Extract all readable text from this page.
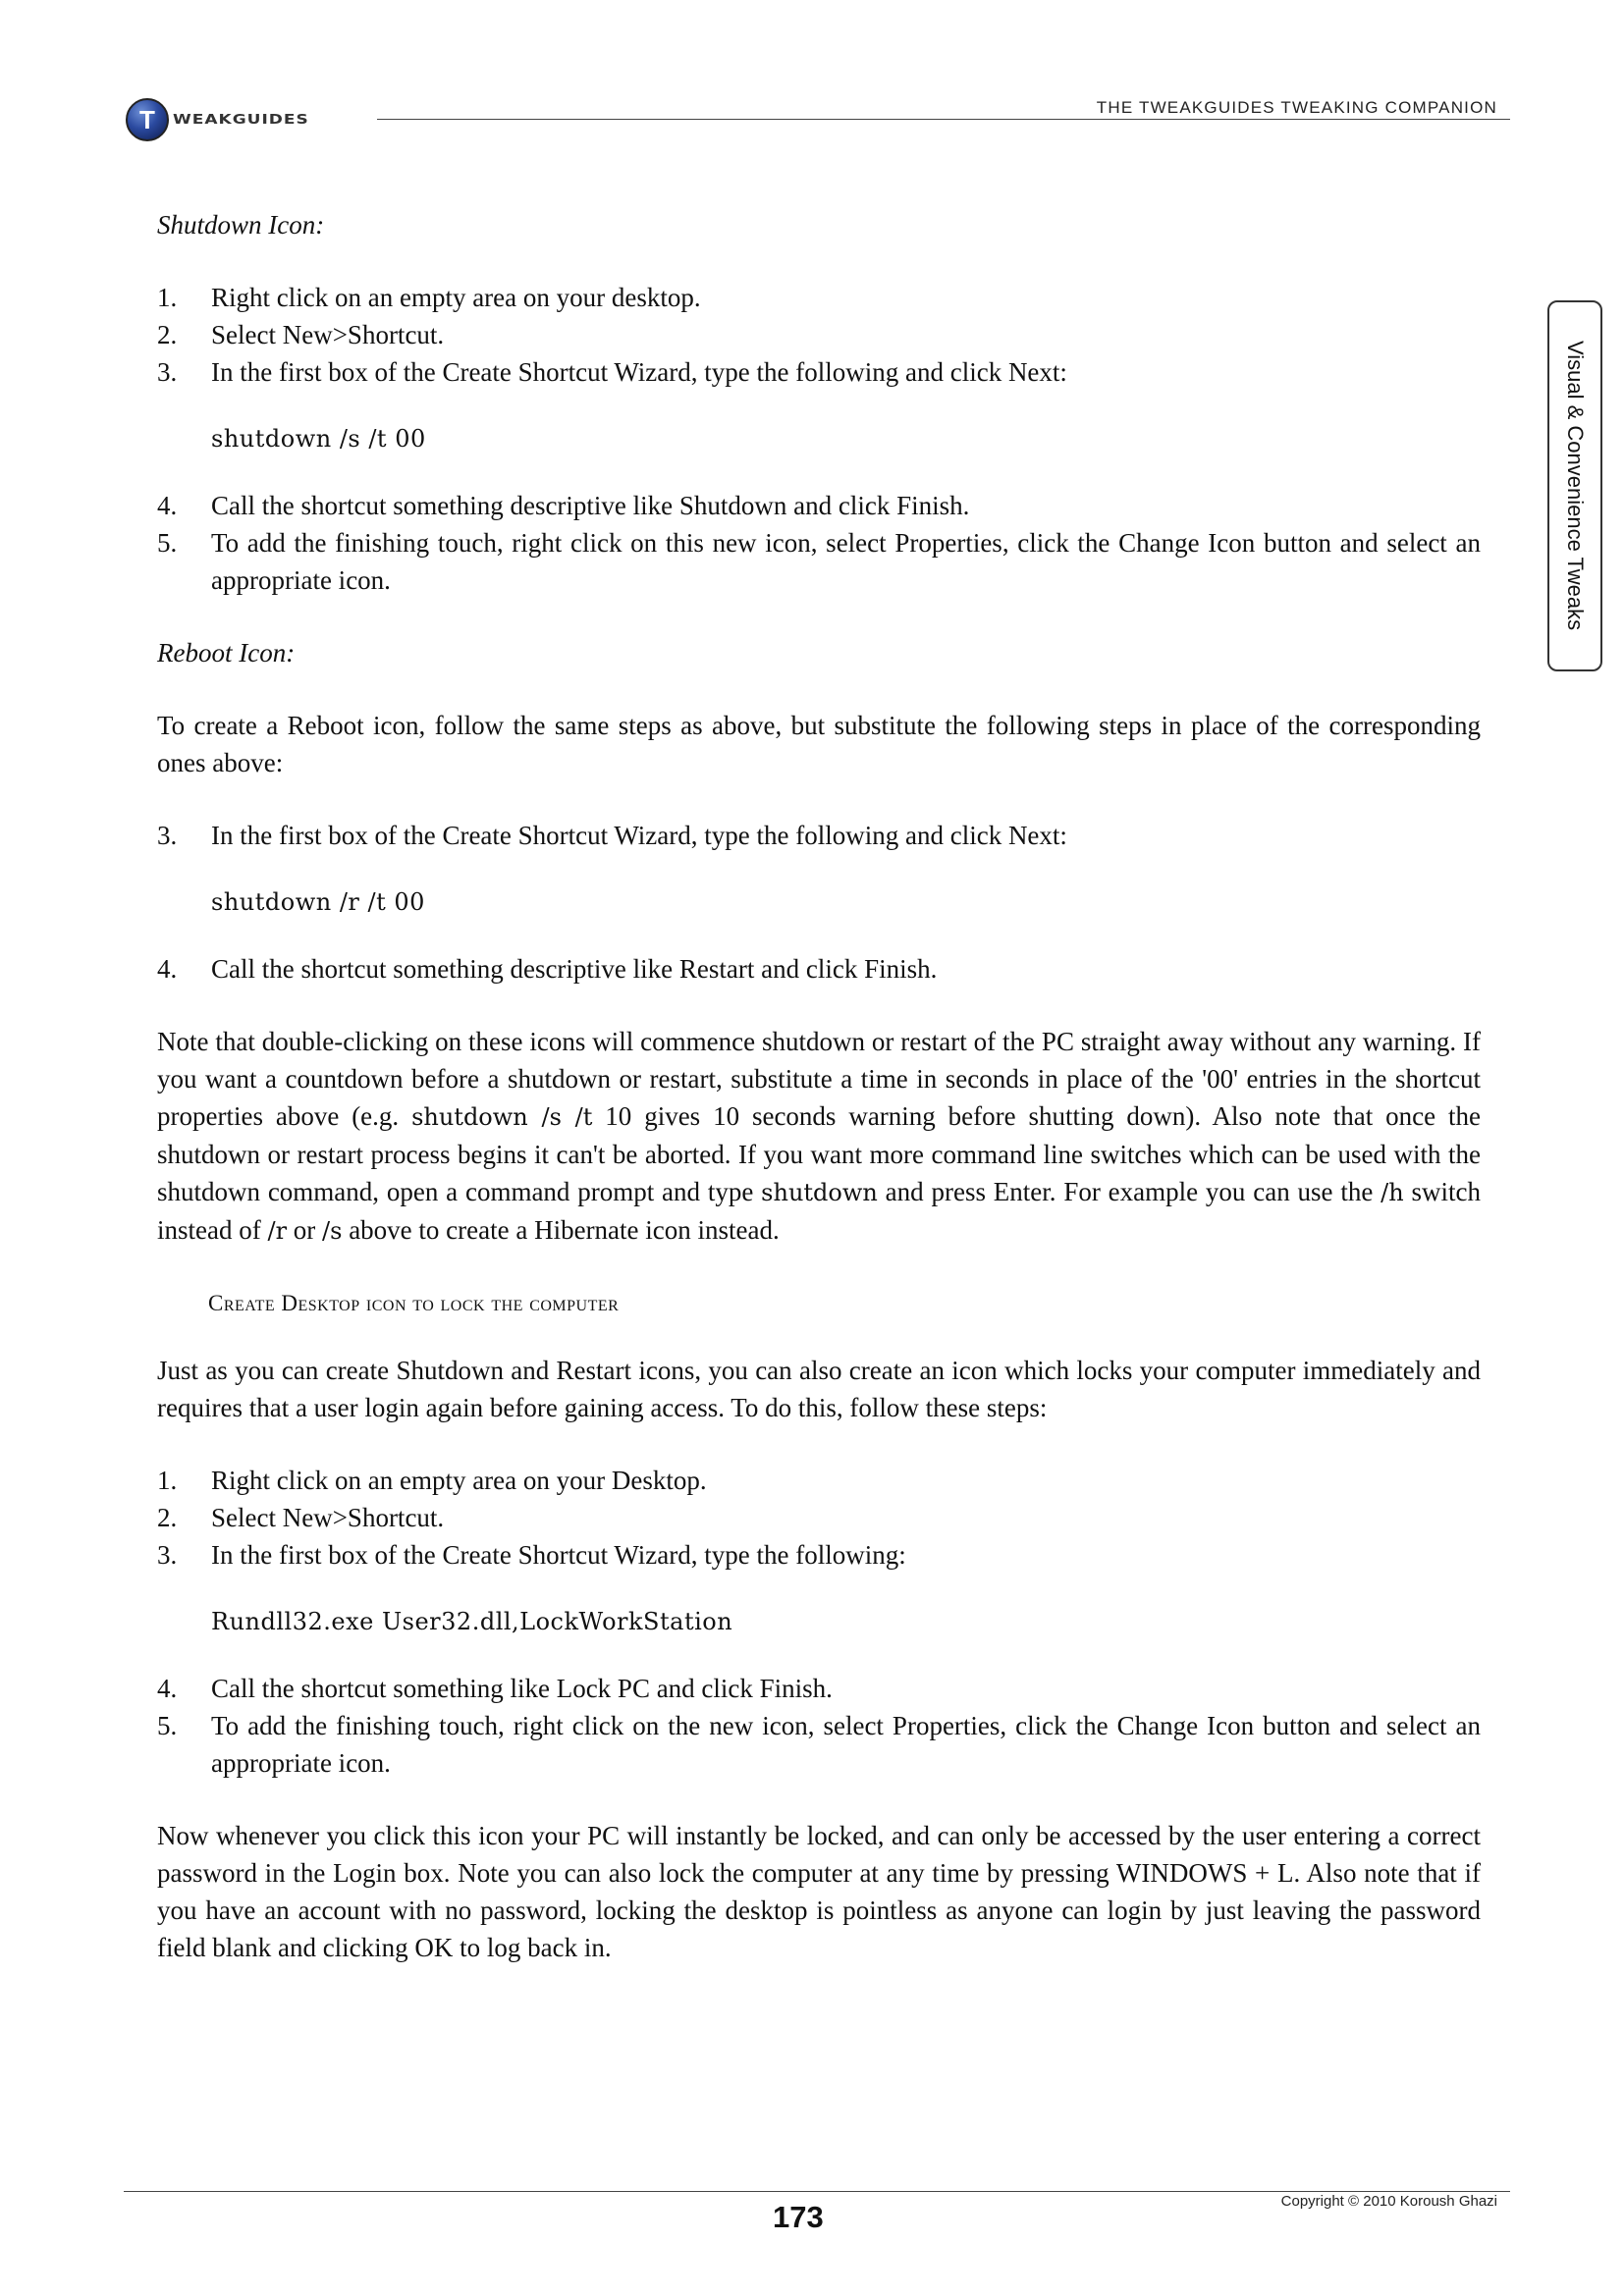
T WEAKGUIDES
THE TWEAKGUIDES TWEAKING COMPANION
Visual & Convenience Tweaks

Shutdown Icon:

1. Right click on an empty area on your desktop.
2. Select New>Shortcut.
3. In the first box of the Create Shortcut Wizard, type the following and click Next:

shutdown /s /t 00

4. Call the shortcut something descriptive like Shutdown and click Finish.
5. To add the finishing touch, right click on this new icon, select Properties, click the Change Icon button and select an appropriate icon.

Reboot Icon:

To create a Reboot icon, follow the same steps as above, but substitute the following steps in place of the corresponding ones above:

3. In the first box of the Create Shortcut Wizard, type the following and click Next:

shutdown /r /t 00

4. Call the shortcut something descriptive like Restart and click Finish.

Note that double-clicking on these icons will commence shutdown or restart of the PC straight away without any warning. If you want a countdown before a shutdown or restart, substitute a time in seconds in place of the '00' entries in the shortcut properties above (e.g. shutdown /s /t 10 gives 10 seconds warning before shutting down). Also note that once the shutdown or restart process begins it can't be aborted. If you want more command line switches which can be used with the shutdown command, open a command prompt and type shutdown and press Enter. For example you can use the /h switch instead of /r or /s above to create a Hibernate icon instead.

Create Desktop icon to lock the computer

Just as you can create Shutdown and Restart icons, you can also create an icon which locks your computer immediately and requires that a user login again before gaining access. To do this, follow these steps:

1. Right click on an empty area on your Desktop.
2. Select New>Shortcut.
3. In the first box of the Create Shortcut Wizard, type the following:

Rundll32.exe User32.dll,LockWorkStation

4. Call the shortcut something like Lock PC and click Finish.
5. To add the finishing touch, right click on the new icon, select Properties, click the Change Icon button and select an appropriate icon.

Now whenever you click this icon your PC will instantly be locked, and can only be accessed by the user entering a correct password in the Login box. Note you can also lock the computer at any time by pressing WINDOWS + L. Also note that if you have an account with no password, locking the desktop is pointless as anyone can login by just leaving the password field blank and clicking OK to log back in.

173	Copyright © 2010 Koroush Ghazi
